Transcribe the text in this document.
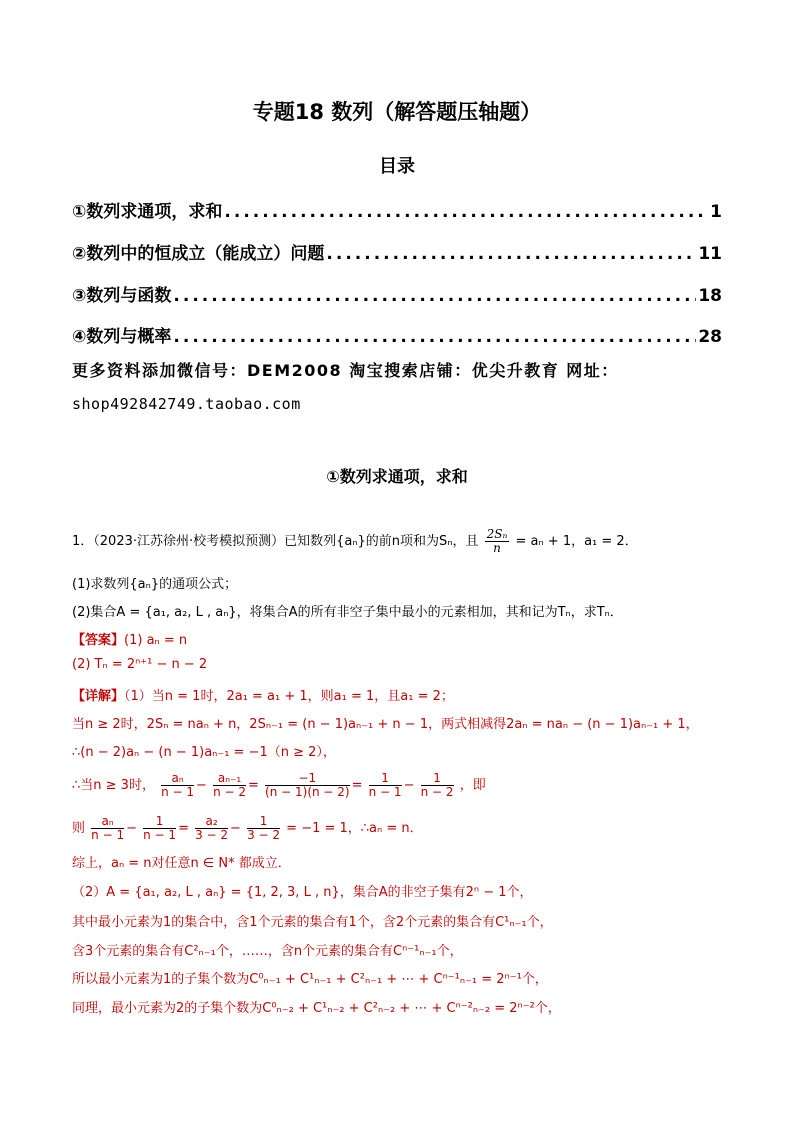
专题18 数列（解答题压轴题）
目录
①数列求通项，求和 .....	1
②数列中的恒成立（能成立）问题 .....	11
③数列与函数 .....	18
④数列与概率 .....	28
更多资料添加微信号：DEM2008 淘宝搜索店铺：优尖升教育 网址：
shop492842749.taobao.com
①数列求通项，求和
1．（2023·江苏徐州·校考模拟预测）已知数列{aₙ}的前n项和为Sₙ，且 $\frac{\text{2Sₙ}}{n} = a_n + 1$，a₁ = 2．
(1)求数列{aₙ}的通项公式；
(2)集合A = {a₁, a₂, L , aₙ}，将集合A的所有非空子集中最小的元素相加，其和记为Tₙ，求Tₙ．
【答案】(1) aₙ = n
(2) Tₙ = 2ⁿ⁺¹ − n − 2
【详解】（1）当n = 1时，2a₁ = a₁ + 1，则a₁ = 1，且a₁ = 2；
当n ≥ 2时，2Sₙ = naₙ + n，2Sₙ₋₁ = (n − 1)aₙ₋₁ + n − 1，两式相减得2aₙ = naₙ − (n − 1)aₙ₋₁ + 1，
∴(n − 2)aₙ − (n − 1)aₙ₋₁ = −1（n ≥ 2），
∴当n ≥ 3时， $\frac{\text{aₙ}}{n - 1} - \frac{\text{aₙ₋₁}}{n - 2} = \frac{-1}{(n - 1)(n - 2)} = \frac{1}{n - 1} - \frac{1}{n - 2}$ ，即
则 $\frac{\text{aₙ}}{n - 1} - \frac{1}{n - 1} = \frac{\text{a₂}}{3 - 2} - \frac{1}{3 - 2} = -1 = 1$，∴aₙ = n．
综上，aₙ = n对任意n ∈ N* 都成立．
（2）A = {a₁, a₂, L , aₙ} = {1, 2, 3, L , n}，集合A的非空子集有2ⁿ − 1个，
其中最小元素为1的集合中，含1个元素的集合有1个，含2个元素的集合有C¹ₙ₋₁个，
含3个元素的集合有C²ₙ₋₁个，……，含n个元素的集合有Cⁿ⁻¹ₙ₋₁个，
所以最小元素为1的子集个数为C⁰ₙ₋₁ + C¹ₙ₋₁ + C²ₙ₋₁ + ⋯ + Cⁿ⁻¹ₙ₋₁ = 2ⁿ⁻¹个，
同理，最小元素为2的子集个数为C⁰ₙ₋₂ + C¹ₙ₋₂ + C²ₙ₋₂ + ⋯ + Cⁿ⁻²ₙ₋₂ = 2ⁿ⁻²个，
